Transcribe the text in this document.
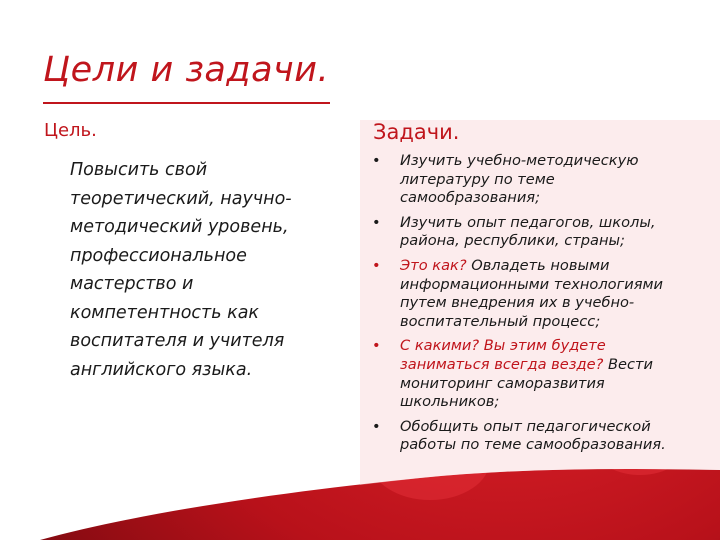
Цели и задачи.
Цель.	Задачи.

Повысить свой
теоретический, научно-
методический уровень,
профессиональное
мастерство и
компетентность как
воспитателя и учителя
английского языка.

• Изучить учебно-методическую
литературу по теме
самообразования;
• Изучить опыт педагогов, школы,
района, республики, страны;
• Это как? Овладеть новыми
информационными технологиями
путем внедрения их в учебно-
воспитательный процесс;
• С какими? Вы этим будете
заниматься всегда везде? Вести
мониторинг саморазвития
школьников;
• Обобщить опыт педагогической
работы по теме самообразования.
fppt.com
